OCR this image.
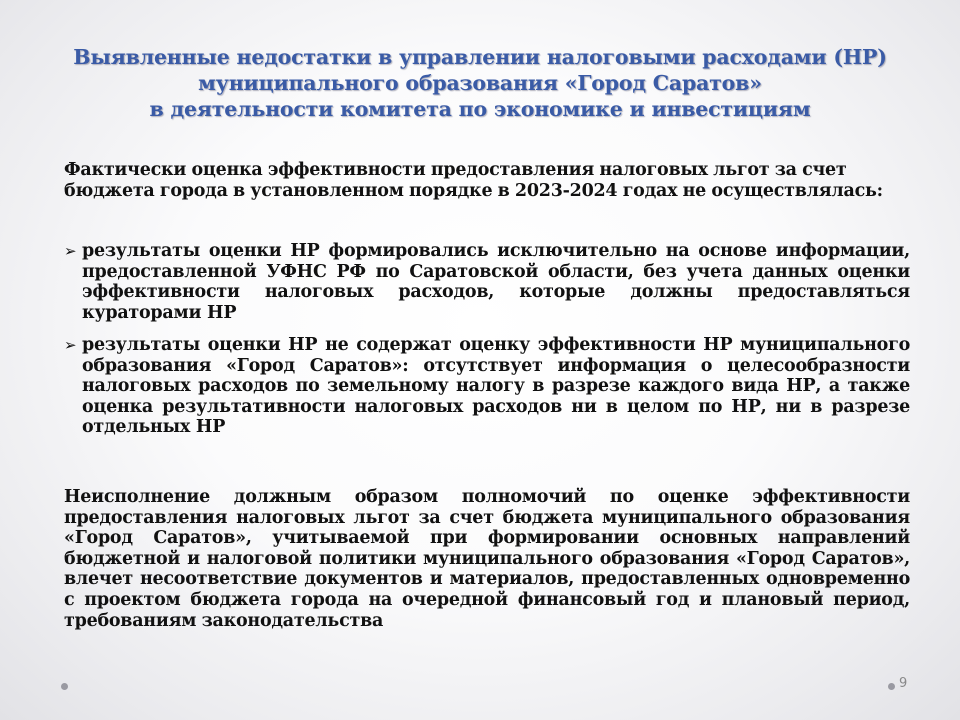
Выявленные недостатки в управлении налоговыми расходами (НР)
муниципального образования «Город Саратов»
в деятельности комитета по экономике и инвестициям
Фактически оценка эффективности предоставления налоговых льгот за счет
бюджета города в установленном порядке в 2023-2024 годах не осуществлялась:
➢ результаты оценки НР формировались исключительно на основе информации, предоставленной УФНС РФ по Саратовской области, без учета данных оценки эффективности налоговых расходов, которые должны предоставляться кураторами НР
➢ результаты оценки НР не содержат оценку эффективности НР муниципального образования «Город Саратов»: отсутствует информация о целесообразности налоговых расходов по земельному налогу в разрезе каждого вида НР, а также оценка результативности налоговых расходов ни в целом по НР, ни в разрезе отдельных НР
Неисполнение должным образом полномочий по оценке эффективности предоставления налоговых льгот за счет бюджета муниципального образования «Город Саратов», учитываемой при формировании основных направлений бюджетной и налоговой политики муниципального образования «Город Саратов», влечет несоответствие документов и материалов, предоставленных одновременно с проектом бюджета города на очередной финансовый год и плановый период, требованиям законодательства
9
